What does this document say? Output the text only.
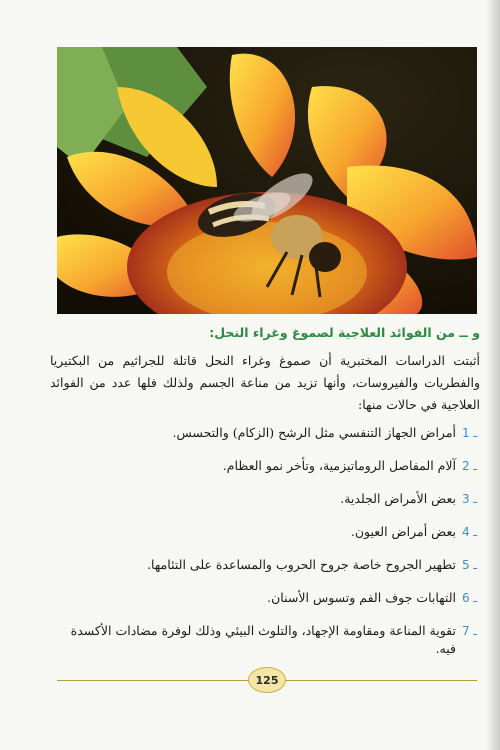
و ــ من الفوائد العلاجية لصموغ وغراء النحل:

أثبتت الدراسات المختبرية أن صموغ وغراء النحل قاتلة للجراثيم من البكتيريا والفطريات والفيروسات، وأنها تزيد من مناعة الجسم ولذلك فلها عدد من الفوائد العلاجية في حالات منها:

1 ـ
أمراض الجهاز التنفسي مثل الرشح (الزكام) والتحسس.
2 ـ
آلام المفاصل الروماتيزمية، وتأخر نمو العظام.
3 ـ
بعض الأمراض الجلدية.
4 ـ
بعض أمراض العيون.
5 ـ
تطهير الجروح خاصة جروح الحروب والمساعدة على التئامها.
6 ـ
التهابات جوف الفم وتسوس الأسنان.
7 ـ
تقوية المناعة ومقاومة الإجهاد، والتلوث البيئي وذلك لوفرة مضادات الأكسدة فيه.
125
